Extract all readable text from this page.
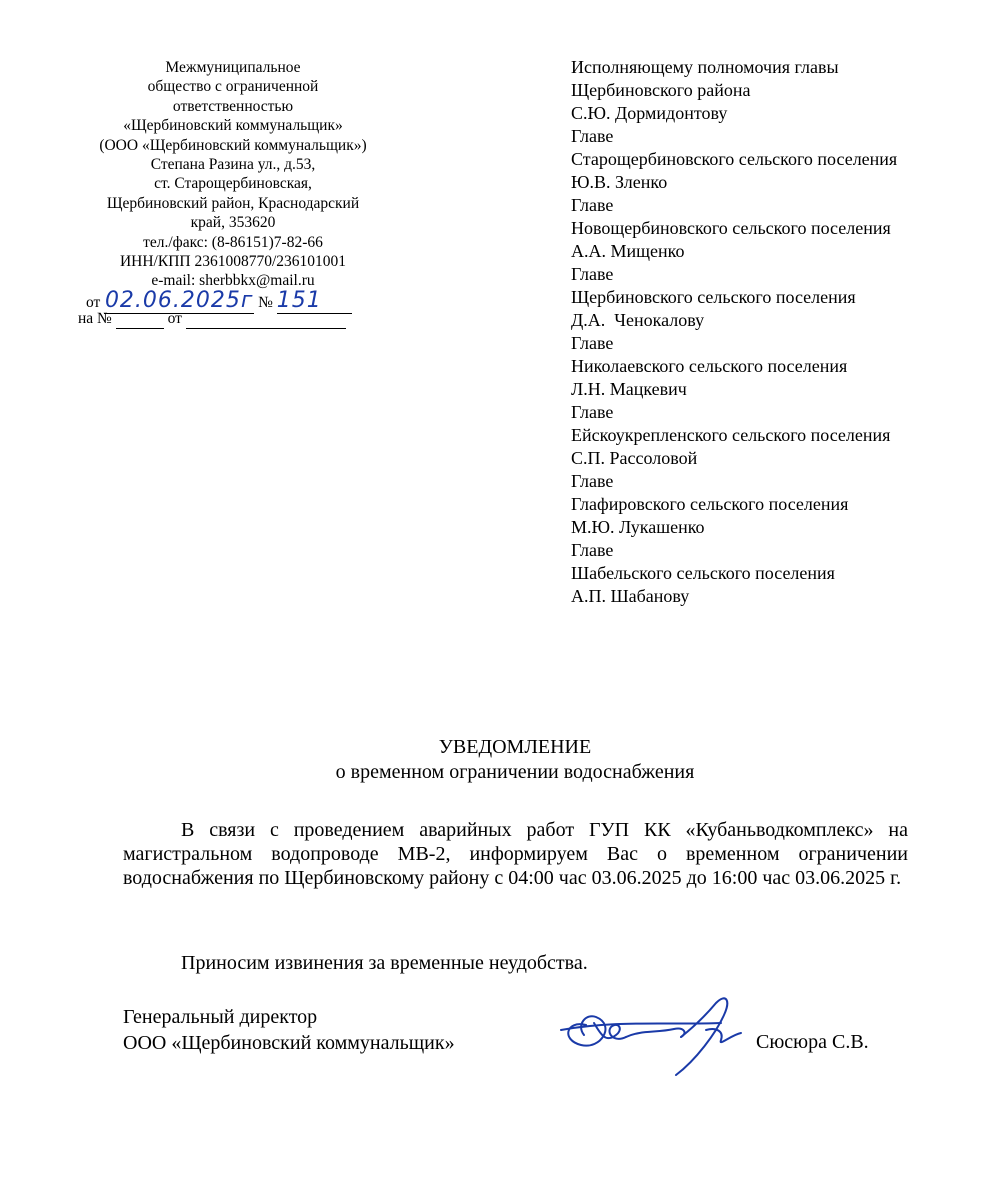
Межмуниципальное
общество с ограниченной
ответственностью
«Щербиновский коммунальщик»
(ООО «Щербиновский коммунальщик»)
Степана Разина ул., д.53,
ст. Старощербиновская,
Щербиновский район, Краснодарский
край, 353620
тел./факс: (8-86151)7-82-66
ИНН/КПП 2361008770/236101001
e-mail: sherbbkx@mail.ru
от 02.06.2025г № 151
на №	от
Исполняющему полномочия главы
Щербиновского района
С.Ю. Дормидонтову
Главе
Старощербиновского сельского поселения
Ю.В. Зленко
Главе
Новощербиновского сельского поселения
А.А. Мищенко
Главе
Щербиновского сельского поселения
Д.А.  Ченокалову
Главе
Николаевского сельского поселения
Л.Н. Мацкевич
Главе
Ейскоукрепленского сельского поселения
С.П. Рассоловой
Главе
Глафировского сельского поселения
М.Ю. Лукашенко
Главе
Шабельского сельского поселения
А.П. Шабанову
УВЕДОМЛЕНИЕ
о временном ограничении водоснабжения
В связи с проведением аварийных работ ГУП КК «Кубаньводкомплекс» на магистральном водопроводе МВ-2, информируем Вас о временном ограничении водоснабжения по Щербиновскому району с 04:00 час 03.06.2025 до 16:00 час 03.06.2025 г.
Приносим извинения за временные неудобства.
Генеральный директор
ООО «Щербиновский коммунальщик»	Сюсюра С.В.
